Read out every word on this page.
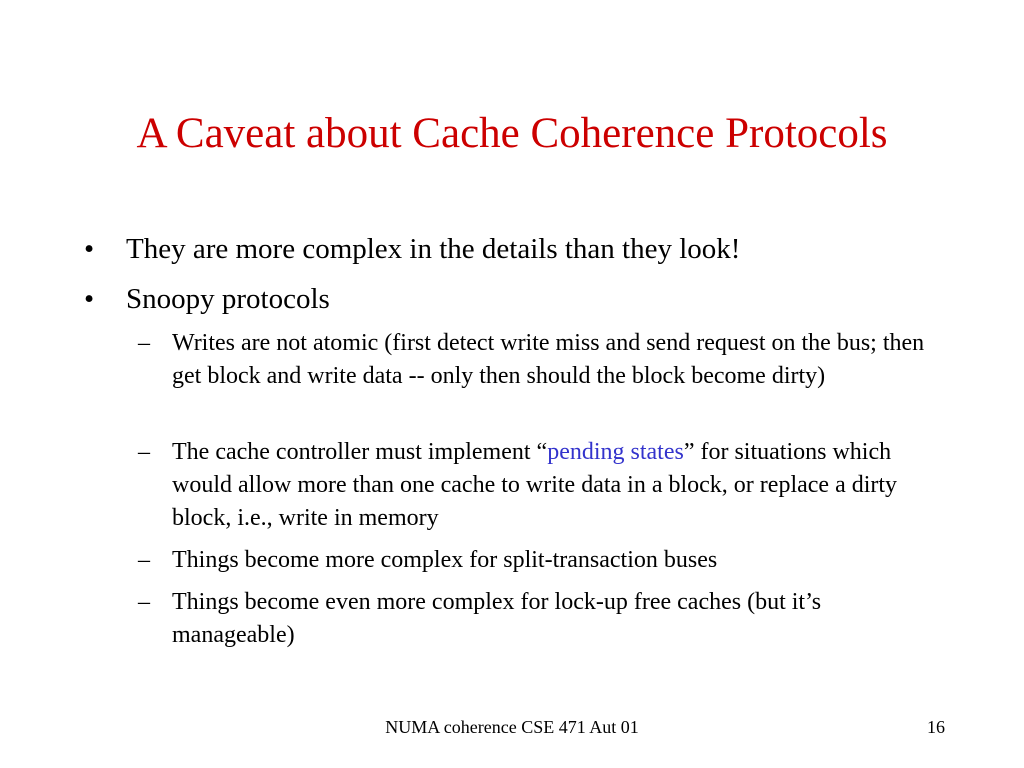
A Caveat about Cache Coherence Protocols
• They are more complex in the details than they look!
• Snoopy protocols
– Writes are not atomic (first detect write miss and send request on the bus; then get block and write data -- only then should the block become dirty)
– The cache controller must implement “pending states” for situations which would allow more than one cache to write data in a block, or replace a dirty block, i.e., write in memory
– Things become more complex for split-transaction buses
– Things become even more complex for lock-up free caches (but it’s manageable)
NUMA coherence CSE 471 Aut 01	16
